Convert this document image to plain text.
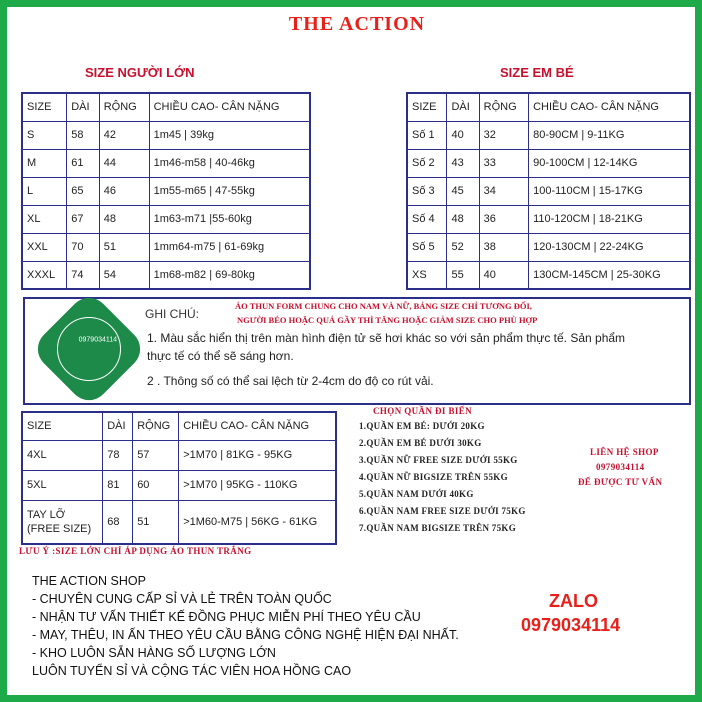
THE ACTION
SIZE NGƯỜI LỚN
SIZE	DÀI	RỘNG	CHIỀU CAO- CÂN NẶNG
S	58	42	1m45 | 39kg
M	61	44	1m46-m58 | 40-46kg
L	65	46	1m55-m65 | 47-55kg
XL	67	48	1m63-m71 |55-60kg
XXL	70	51	1mm64-m75 | 61-69kg
XXXL	74	54	1m68-m82 | 69-80kg
SIZE EM BÉ
SIZE	DÀI	RỘNG	CHIỀU CAO- CÂN NẶNG
Số 1	40	32	80-90CM | 9-11KG
Số 2	43	33	90-100CM | 12-14KG
Số 3	45	34	100-110CM | 15-17KG
Số 4	48	36	110-120CM | 18-21KG
Số 5	52	38	120-130CM | 22-24KG
XS	55	40	130CM-145CM | 25-30KG
0979034114
GHI CHÚ:
ÁO THUN FORM CHUNG CHO NAM VÀ NỮ, BẢNG SIZE CHỈ TƯƠNG ĐỐI,
NGƯỜI BÉO HOẶC QUÁ GẦY THÌ TĂNG HOẶC GIẢM SIZE CHO PHÙ HỢP
1. Màu sắc hiển thị trên màn hình điện tử sẽ hơi khác so với sản phẩm thực tế. Sản phẩm
thực tế có thể sẽ sáng hơn.
2 . Thông số có thể sai lệch từ 2-4cm do độ co rút vải.
SIZE	DÀI	RỘNG	CHIỀU CAO- CÂN NẶNG
4XL	78	57	>1M70 | 81KG - 95KG
5XL	81	60	>1M70 | 95KG - 110KG
TAY LỠ
(FREE SIZE)	68	51	>1M60-M75 | 56KG - 61KG
LƯU Ý :SIZE LỚN CHỈ ÁP DỤNG ÁO THUN TRẮNG
CHỌN QUẦN ĐI BIỂN
1.QUẦN EM BÉ: DƯỚI 20KG
2.QUẦN EM BÉ DƯỚI 30KG
3.QUẦN NỮ FREE SIZE DƯỚI 55KG
4.QUẦN NỮ BIGSIZE TRÊN 55KG
5.QUẦN NAM DƯỚI 40KG
6.QUẦN NAM FREE SIZE DƯỚI 75KG
7.QUẦN NAM BIGSIZE TRÊN 75KG
LIÊN HỆ SHOP
0979034114
ĐỂ ĐƯỢC TƯ VẤN
THE ACTION SHOP
- CHUYÊN CUNG CẤP SỈ VÀ LẺ TRÊN TOÀN QUỐC
- NHẬN TƯ VẤN THIẾT KẾ ĐỒNG PHỤC MIỄN PHÍ THEO YÊU CẦU
- MAY, THÊU, IN ẤN THEO YÊU CẦU BẰNG CÔNG NGHỆ HIỆN ĐẠI NHẤT.
- KHO LUÔN SẴN HÀNG SỐ LƯỢNG LỚN
LUÔN TUYỂN SỈ VÀ CỘNG TÁC VIÊN HOA HỒNG CAO
ZALO
0979034114
